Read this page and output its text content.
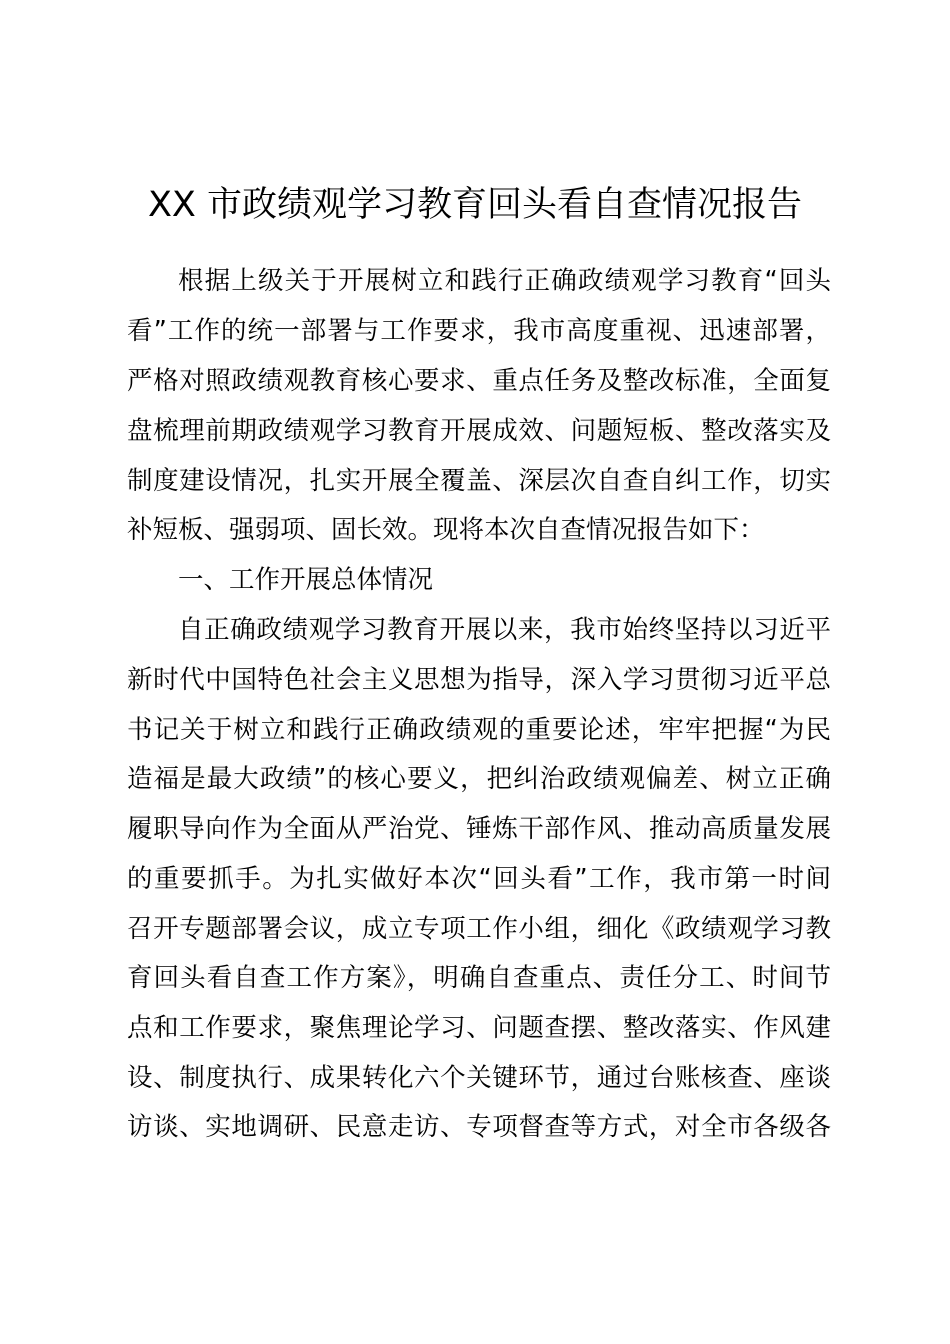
XX 市政绩观学习教育回头看自查情况报告
根据上级关于开展树立和践行正确政绩观学习教育“回头
看”工作的统一部署与工作要求，我市高度重视、迅速部署，
严格对照政绩观教育核心要求、重点任务及整改标准，全面复
盘梳理前期政绩观学习教育开展成效、问题短板、整改落实及
制度建设情况，扎实开展全覆盖、深层次自查自纠工作，切实
补短板、强弱项、固长效。现将本次自查情况报告如下：
一、工作开展总体情况
自正确政绩观学习教育开展以来，我市始终坚持以习近平
新时代中国特色社会主义思想为指导，深入学习贯彻习近平总
书记关于树立和践行正确政绩观的重要论述，牢牢把握“为民
造福是最大政绩”的核心要义，把纠治政绩观偏差、树立正确
履职导向作为全面从严治党、锤炼干部作风、推动高质量发展
的重要抓手。为扎实做好本次“回头看”工作，我市第一时间
召开专题部署会议，成立专项工作小组，细化《政绩观学习教
育回头看自查工作方案》，明确自查重点、责任分工、时间节
点和工作要求，聚焦理论学习、问题查摆、整改落实、作风建
设、制度执行、成果转化六个关键环节，通过台账核查、座谈
访谈、实地调研、民意走访、专项督查等方式，对全市各级各
